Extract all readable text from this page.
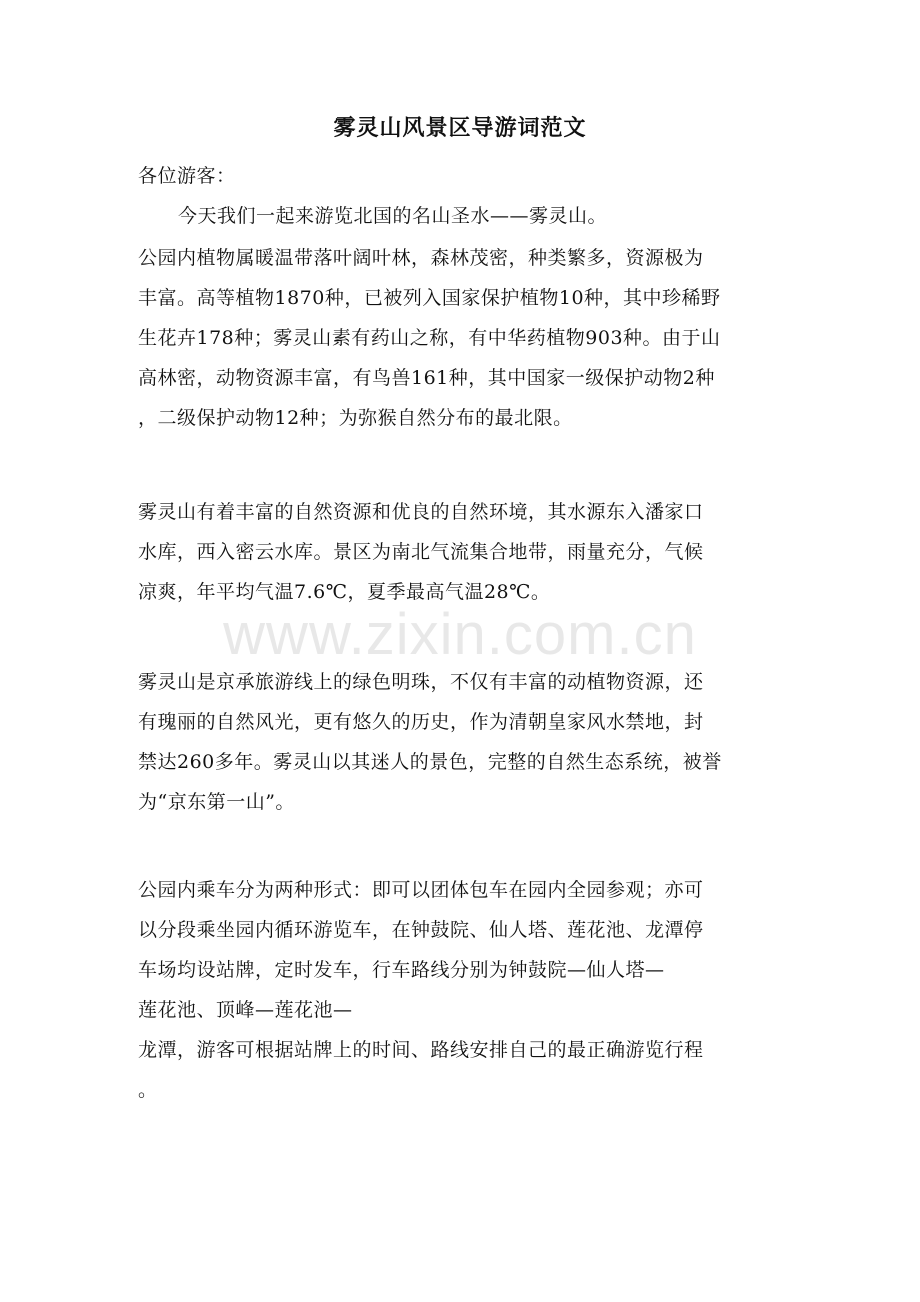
雾灵山风景区导游词范文
各位游客：
今天我们一起来游览北国的名山圣水——雾灵山。
公园内植物属暖温带落叶阔叶林，森林茂密，种类繁多，资源极为
丰富。高等植物1870种，已被列入国家保护植物10种，其中珍稀野
生花卉178种；雾灵山素有药山之称，有中华药植物903种。由于山
高林密，动物资源丰富，有鸟兽161种，其中国家一级保护动物2种
，二级保护动物12种；为弥猴自然分布的最北限。
雾灵山有着丰富的自然资源和优良的自然环境，其水源东入潘家口
水库，西入密云水库。景区为南北气流集合地带，雨量充分，气候
凉爽，年平均气温7.6℃，夏季最高气温28℃。
www.zixin.com.cn
雾灵山是京承旅游线上的绿色明珠，不仅有丰富的动植物资源，还
有瑰丽的自然风光，更有悠久的历史，作为清朝皇家风水禁地，封
禁达260多年。雾灵山以其迷人的景色，完整的自然生态系统，被誉
为“京东第一山”。
公园内乘车分为两种形式：即可以团体包车在园内全园参观；亦可
以分段乘坐园内循环游览车，在钟鼓院、仙人塔、莲花池、龙潭停
车场均设站牌，定时发车，行车路线分别为钟鼓院—仙人塔—
莲花池、顶峰—莲花池—
龙潭，游客可根据站牌上的时间、路线安排自己的最正确游览行程
。
